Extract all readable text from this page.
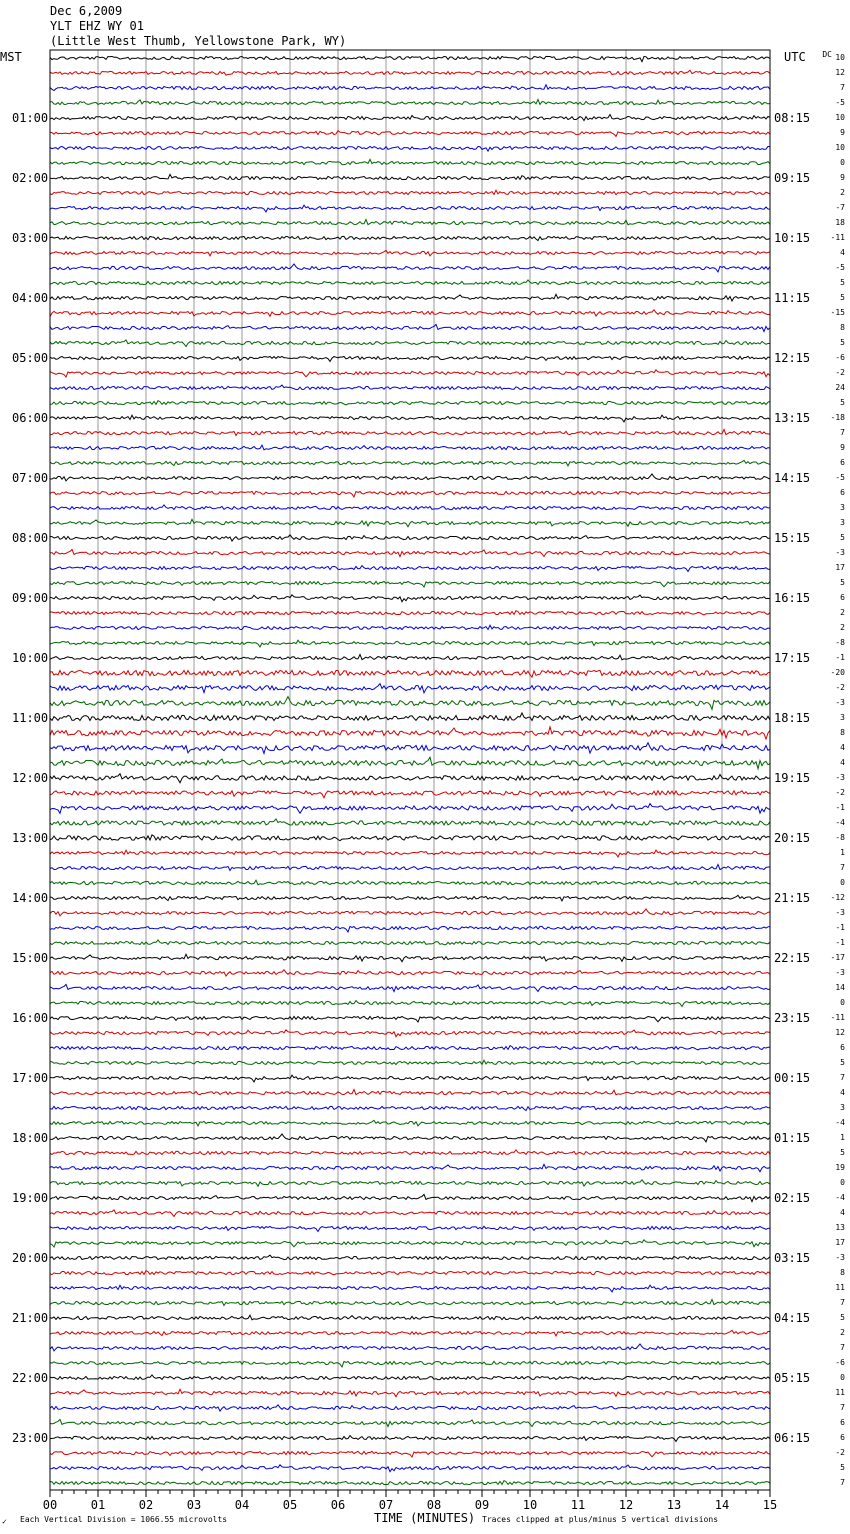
Dec 6,2009
YLT EHZ WY 01
(Little West Thumb, Yellowstone Park, WY)
MST	UTC	DC
01:00
02:00
03:00
04:00
05:00
06:00
07:00
08:00
09:00
10:00
11:00
12:00
13:00
14:00
15:00
16:00
17:00
18:00
19:00
20:00
21:00
22:00
23:00
08:15
09:15
10:15
11:15
12:15
13:15
14:15
15:15
16:15
17:15
18:15
19:15
20:15
21:15
22:15
23:15
00:15
01:15
02:15
03:15
04:15
05:15
06:15
10
12
7
-5
10
9
10
0
9
2
-7
18
-11
4
-5
5
5
-15
8
5
-6
-2
24
5
-18
7
9
6
-5
6
3
3
5
-3
17
5
6
2
2
-8
-1
-20
-2
-3
3
8
4
4
-3
-2
-1
-4
-8
1
7
0
-12
-3
-1
-1
-17
-3
14
0
-11
12
6
5
7
4
3
-4
1
5
19
0
-4
4
13
17
-3
8
11
7
5
2
7
-6
0
11
7
6
6
-2
5
7
00	01	02	03	04	05	06	07	08	09	10	11	12	13	14	15
✓ Each Vertical Division = 1066.55 microvolts	TIME (MINUTES) Traces clipped at plus/minus 5 vertical divisions
